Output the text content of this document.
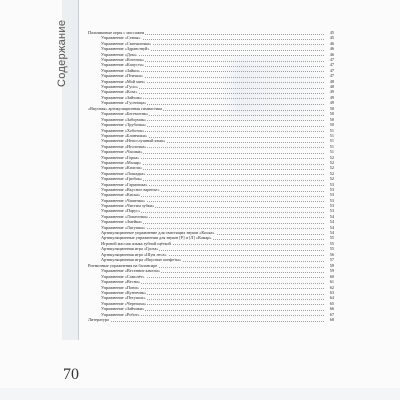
Содержание	Пальчиковые игры с массажем	45
Упражнение «Семья»	45
Упражнение «Сменялочка»	46
Упражнение «Здравствуй»	46
Упражнение «Дом»	46
Упражнение «Котенок»	47
Упражнение «Капуста»	47
Упражнение «Зайки»	47
Упражнение «Птички»	47
Упражнение «Мой мяч»	48
Упражнение «Гуси»	48
Упражнение «Коза»	49
Упражнение «Зайчик»	49
Упражнение «Гусеница»	49
«Вкусная» артикуляционная гимнастика	50
Упражнение «Бегемотик»	50
Упражнение «Заборчик»	50
Упражнение «Трубочка»	50
Упражнение «Хоботок»	51
Упражнение «Блинчики»	51
Упражнение «Непослушный язык»	51
Упражнение «Иголочка»	51
Упражнение «Часики»	51
Упражнение «Горка»	52
Упражнение «Маляр»	52
Упражнение «Качели»	52
Упражнение «Лошадка»	52
Упражнение «Грибок»	52
Упражнение «Гармошка»	53
Упражнение «Вкусное варенье»	53
Упражнение «Киска»	53
Упражнение «Чашечка»	53
Упражнение «Чистим зубки»	53
Упражнение «Парус»	53
Упражнение «Лопаточка»	54
Упражнение «Змейка»	54
Упражнение «Лягушка»	54
Артикуляционное упражнение для свистящих звуков «Киска»	54
Артикуляционные упражнения для звуков [Р] и [Л] «Комар»	55
Игровой массаж языка зубной щёткой	55
Артикуляционная игра «Гроза»	55
Артикуляционная игра «Шум леса»	56
Артикуляционная игра «Вкусные конфеты»	57
Ритмичные упражнения на балансире	58
Упражнение «Весенние качели»	59
Упражнение «Самолёт»	60
Упражнение «Весна»	61
Упражнение «Пони»	62
Упражнение «Кузнечик»	63
Упражнение «Петушок»	64
Упражнение «Черепаха»	65
Упражнение «Зайчики»	66
Упражнение «Робот»	67
Литература	68
70
